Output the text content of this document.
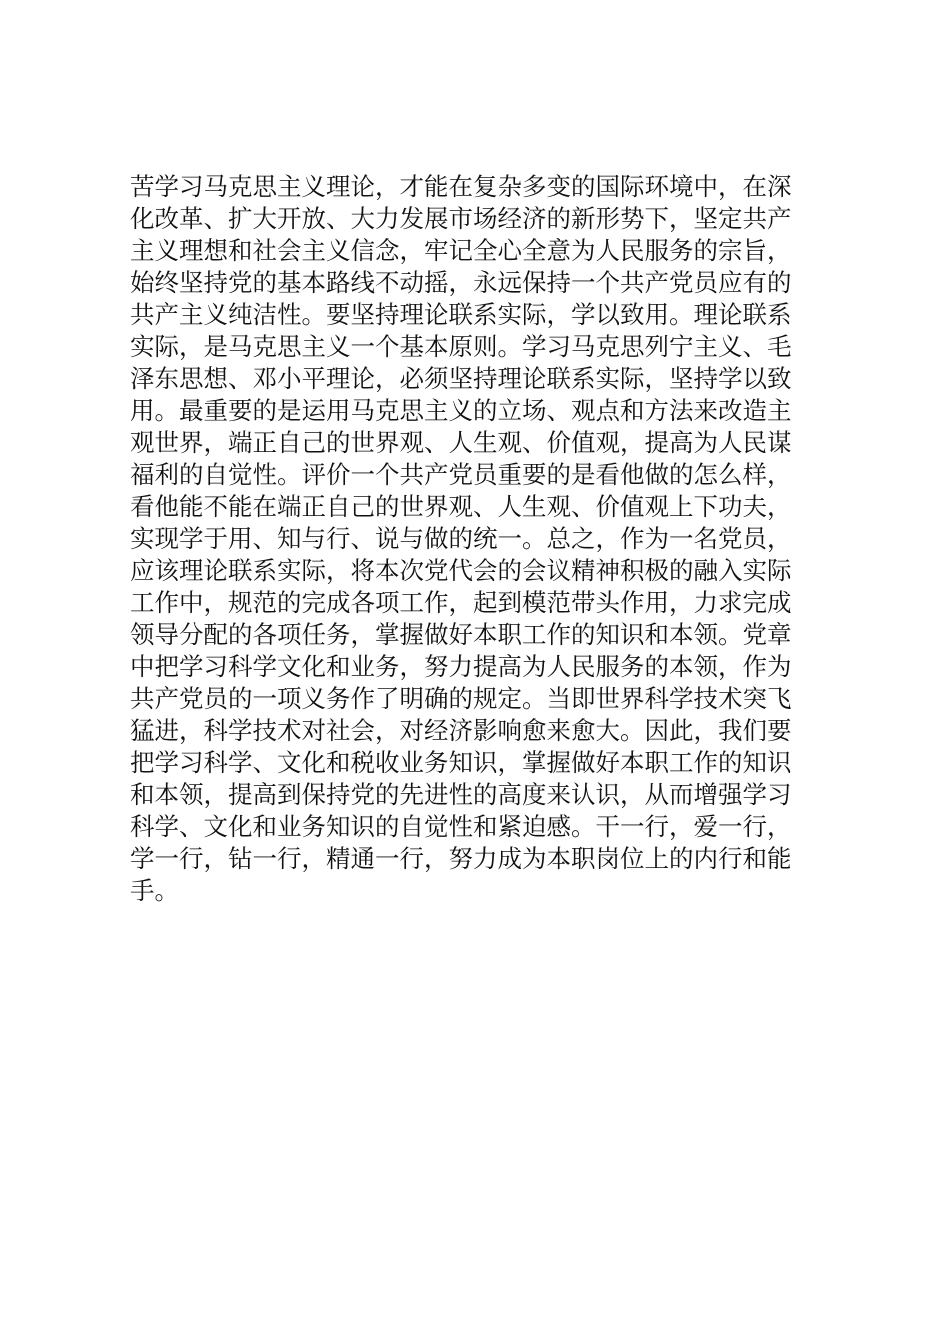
苦学习马克思主义理论，才能在复杂多变的国际环境中，在深
化改革、扩大开放、大力发展市场经济的新形势下，坚定共产
主义理想和社会主义信念，牢记全心全意为人民服务的宗旨，
始终坚持党的基本路线不动摇，永远保持一个共产党员应有的
共产主义纯洁性。要坚持理论联系实际，学以致用。理论联系
实际，是马克思主义一个基本原则。学习马克思列宁主义、毛
泽东思想、邓小平理论，必须坚持理论联系实际，坚持学以致
用。最重要的是运用马克思主义的立场、观点和方法来改造主
观世界，端正自己的世界观、人生观、价值观，提高为人民谋
福利的自觉性。评价一个共产党员重要的是看他做的怎么样，
看他能不能在端正自己的世界观、人生观、价值观上下功夫，
实现学于用、知与行、说与做的统一。总之，作为一名党员，
应该理论联系实际，将本次党代会的会议精神积极的融入实际
工作中，规范的完成各项工作，起到模范带头作用，力求完成
领导分配的各项任务，掌握做好本职工作的知识和本领。党章
中把学习科学文化和业务，努力提高为人民服务的本领，作为
共产党员的一项义务作了明确的规定。当即世界科学技术突飞
猛进，科学技术对社会，对经济影响愈来愈大。因此，我们要
把学习科学、文化和税收业务知识，掌握做好本职工作的知识
和本领，提高到保持党的先进性的高度来认识，从而增强学习
科学、文化和业务知识的自觉性和紧迫感。干一行，爱一行，
学一行，钻一行，精通一行，努力成为本职岗位上的内行和能
手。
